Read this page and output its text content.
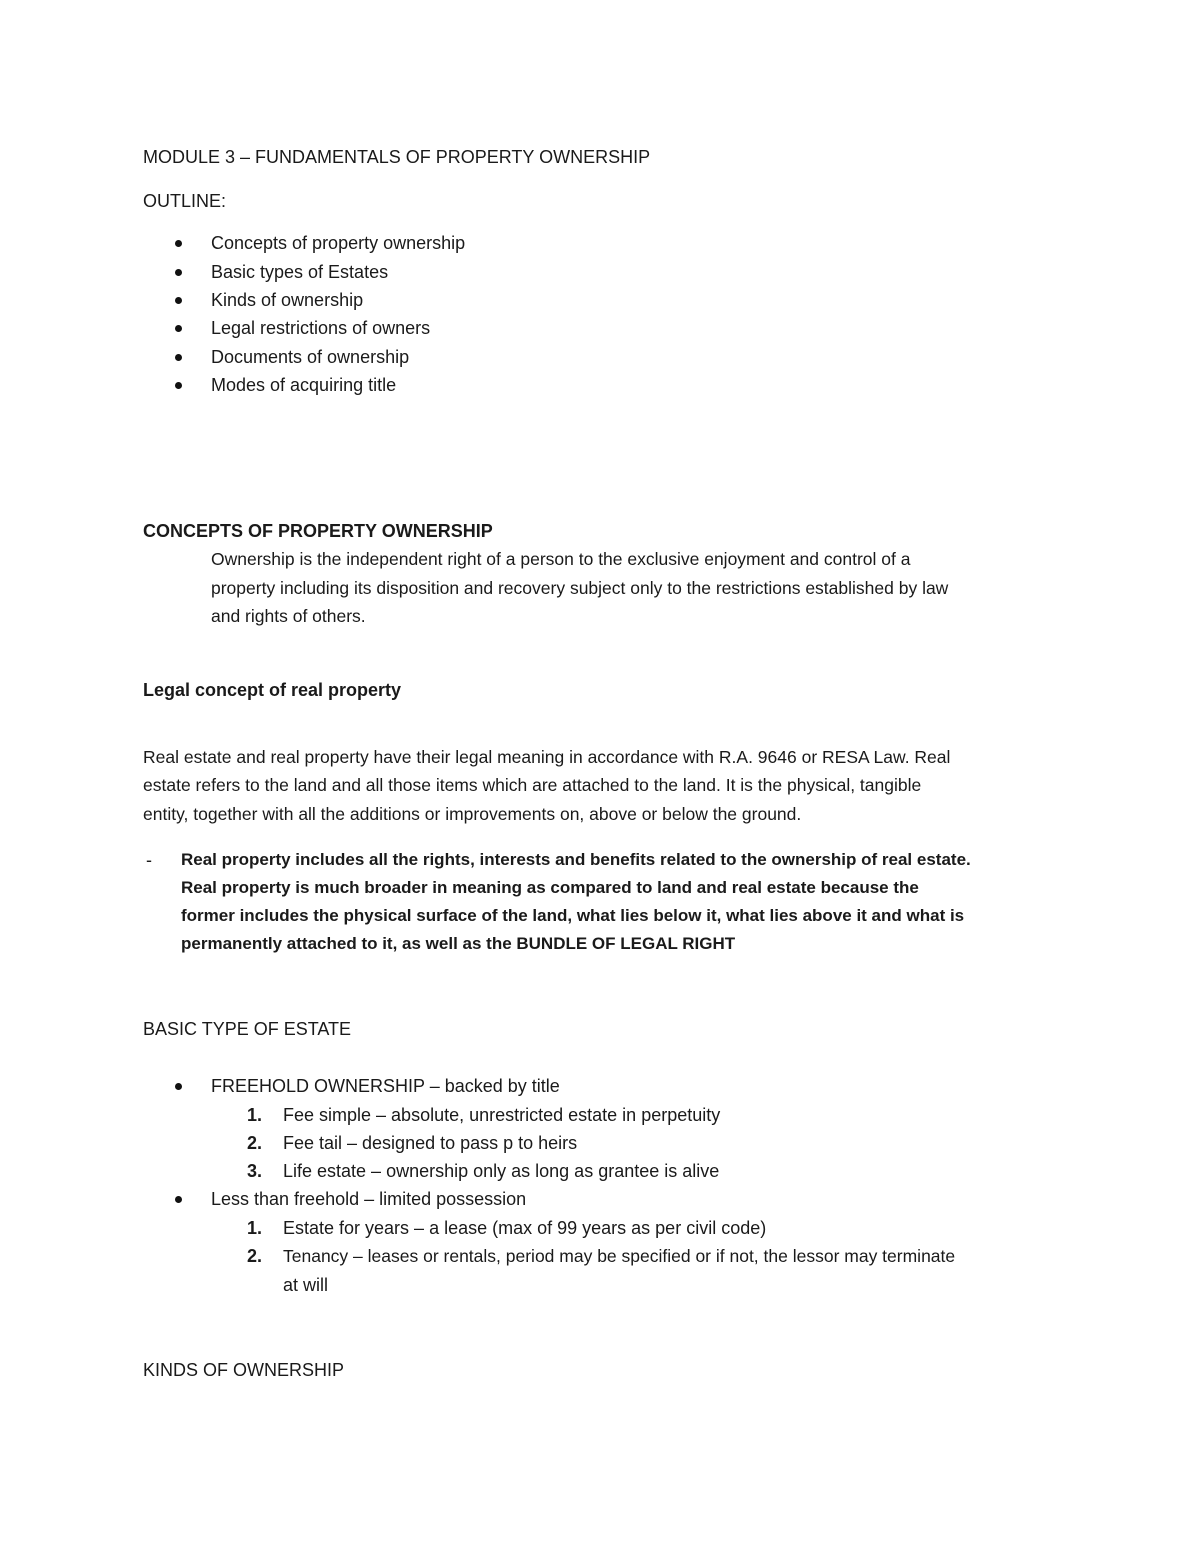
MODULE 3 – FUNDAMENTALS OF PROPERTY OWNERSHIP
OUTLINE:
Concepts of property ownership
Basic types of Estates
Kinds of ownership
Legal restrictions of owners
Documents of ownership
Modes of acquiring title
CONCEPTS OF PROPERTY OWNERSHIP
Ownership is the independent right of a person to the exclusive enjoyment and control of a
property including its disposition and recovery subject only to the restrictions established by law
and rights of others.
Legal concept of real property
Real estate and real property have their legal meaning in accordance with R.A. 9646 or RESA Law. Real
estate refers to the land and all those items which are attached to the land. It is the physical, tangible
entity, together with all the additions or improvements on, above or below the ground.
- Real property includes all the rights, interests and benefits related to the ownership of real estate.
Real property is much broader in meaning as compared to land and real estate because the
former includes the physical surface of the land, what lies below it, what lies above it and what is
permanently attached to it, as well as the BUNDLE OF LEGAL RIGHT
BASIC TYPE OF ESTATE
FREEHOLD OWNERSHIP – backed by title
1. Fee simple – absolute, unrestricted estate in perpetuity
2. Fee tail – designed to pass p to heirs
3. Life estate – ownership only as long as grantee is alive
Less than freehold – limited possession
1. Estate for years – a lease (max of 99 years as per civil code)
2. Tenancy – leases or rentals, period may be specified or if not, the lessor may terminate
at will
KINDS OF OWNERSHIP
